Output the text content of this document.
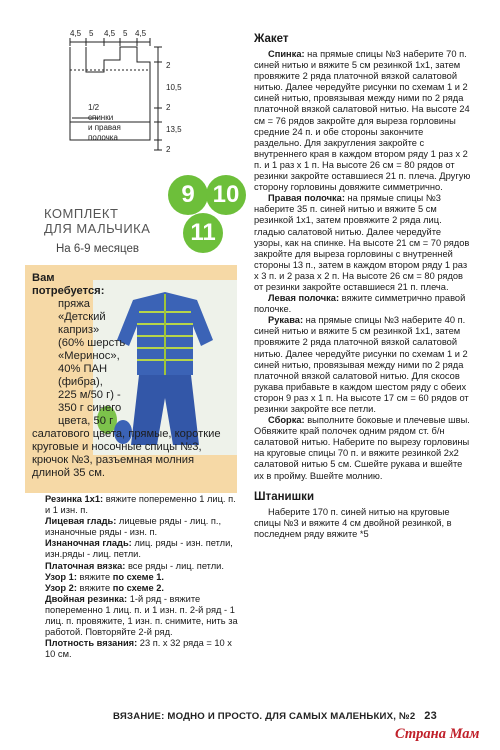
4,5 5 4,5 5 4,5
2
10,5
2
13,5
2
1/2
спинки
и правая
полочка
КОМПЛЕКТ
ДЛЯ МАЛЬЧИКА
На 6-9 месяцев
9 10
11
Вам
потребуется:
пряжа
«Детский
каприз»
(60% шерсть
«Меринос»,
40% ПАН
(фибра),
225 м/50 г) -
350 г синего
цвета, 50 г
салатового цвета, прямые, короткие круговые и носочные спицы №3, крючок №3, разъемная молния длиной 35 см.

Резинка 1х1: вяжите попеременно 1 лиц. п. и 1 изн. п.

Лицевая гладь: лицевые ряды - лиц. п., изнаночные ряды - изн. п.

Изнаночная гладь: лиц. ряды - изн. петли, изн.ряды - лиц. петли.

Платочная вязка: все ряды - лиц. петли.

Узор 1: вяжите по схеме 1.

Узор 2: вяжите по схеме 2.

Двойная резинка: 1-й ряд - вяжите попеременно 1 лиц. п. и 1 изн. п. 2-й ряд - 1 лиц. п. провяжите, 1 изн. п. снимите, нить за работой. Повторяйте 2-й ряд.

Плотность вязания: 23 п. х 32 ряда = 10 х 10 см.

Жакет

Спинка: на прямые спицы №3 наберите 70 п. синей нитью и вяжите 5 см резинкой 1х1, затем провяжите 2 ряда платочной вязкой салатовой нитью. Далее чередуйте рисунки по схемам 1 и 2 синей нитью, провязывая между ними по 2 ряда платочной вязкой салатовой нитью. На высоте 24 см = 76 рядов закройте для выреза горловины средние 24 п. и обе стороны закончите раздельно. Для закругления закройте с внутреннего края в каждом втором ряду 1 раз х 2 п. и 1 раз х 1 п. На высоте 26 см = 80 рядов от резинки закройте оставшиеся 21 п. плеча. Другую сторону горловины довяжите симметрично.

Правая полочка: на прямые спицы №3 наберите 35 п. синей нитью и вяжите 5 см резинкой 1х1, затем провяжите 2 ряда лиц. гладью салатовой нитью. Далее чередуйте узоры, как на спинке. На высоте 21 см = 70 рядов закройте для выреза горловины с внутренней стороны 13 п., затем в каждом втором ряду 1 раз х 3 п. и 2 раза х 2 п. На высоте 26 см = 80 рядов от резинки закройте оставшиеся 21 п. плеча.

Левая полочка: вяжите симметрично правой полочке.

Рукава: на прямые спицы №3 наберите 40 п. синей нитью и вяжите 5 см резинкой 1х1, затем провяжите 2 ряда платочной вязкой салатовой нитью. Далее чередуйте рисунки по схемам 1 и 2 синей нитью, провязывая между ними по 2 ряда платочной вязкой салатовой нитью. Для скосов рукава прибавьте в каждом шестом ряду с обеих сторон 9 раз х 1 п. На высоте 17 см = 60 рядов от резинки закройте все петли.

Сборка: выполните боковые и плечевые швы. Обвяжите край полочек одним рядом ст. б/н салатовой нитью. Наберите по вырезу горловины на круговые спицы 70 п. и вяжите резинкой 2х2 салатовой нитью 5 см. Сшейте рукава и вшейте их в пройму. Вшейте молнию.

Штанишки

Наберите 170 п. синей нитью на круговые спицы №3 и вяжите 4 см двойной резинкой, в последнем ряду вяжите *5

ВЯЗАНИЕ: МОДНО И ПРОСТО. ДЛЯ САМЫХ МАЛЕНЬКИХ, №2 23
Страна Мам
